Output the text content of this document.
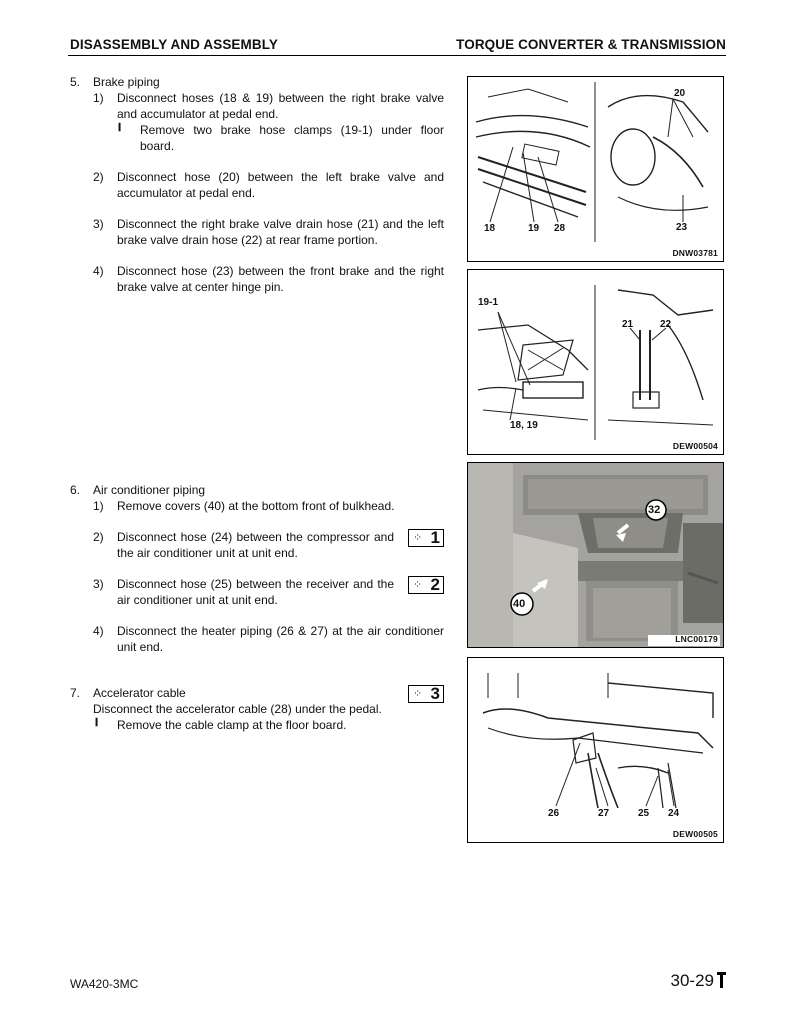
DISASSEMBLY AND ASSEMBLY	TORQUE CONVERTER & TRANSMISSION
5. Brake piping
1) Disconnect hoses (18 & 19) between the right brake valve and accumulator at pedal end.
𝐢 Remove two brake hose clamps (19-1) under floor board.
2) Disconnect hose (20) between the left brake valve and accumulator at pedal end.
3) Disconnect the right brake valve drain hose (21) and the left brake valve drain hose (22) at rear frame portion.
4) Disconnect hose (23) between the front brake and the right brake valve at center hinge pin.
6. Air conditioner piping
1) Remove covers (40) at the bottom front of bulkhead.
2) Disconnect hose (24) between the compressor and the air conditioner unit at unit end.
⁘ 1
3) Disconnect hose (25) between the receiver and the air conditioner unit at unit end.
⁘ 2
4) Disconnect the heater piping (26 & 27) at the air conditioner unit end.
7. Accelerator cable	⁘ 3
Disconnect the accelerator cable (28) under the pedal.
𝐢 Remove the cable clamp at the floor board.
18	19 28
20
23
DNW03781
19-1
18, 19
21	22
DEW00504
32
40
LNC00179
26	27	25 24
DEW00505
WA420-3MC	30-29
